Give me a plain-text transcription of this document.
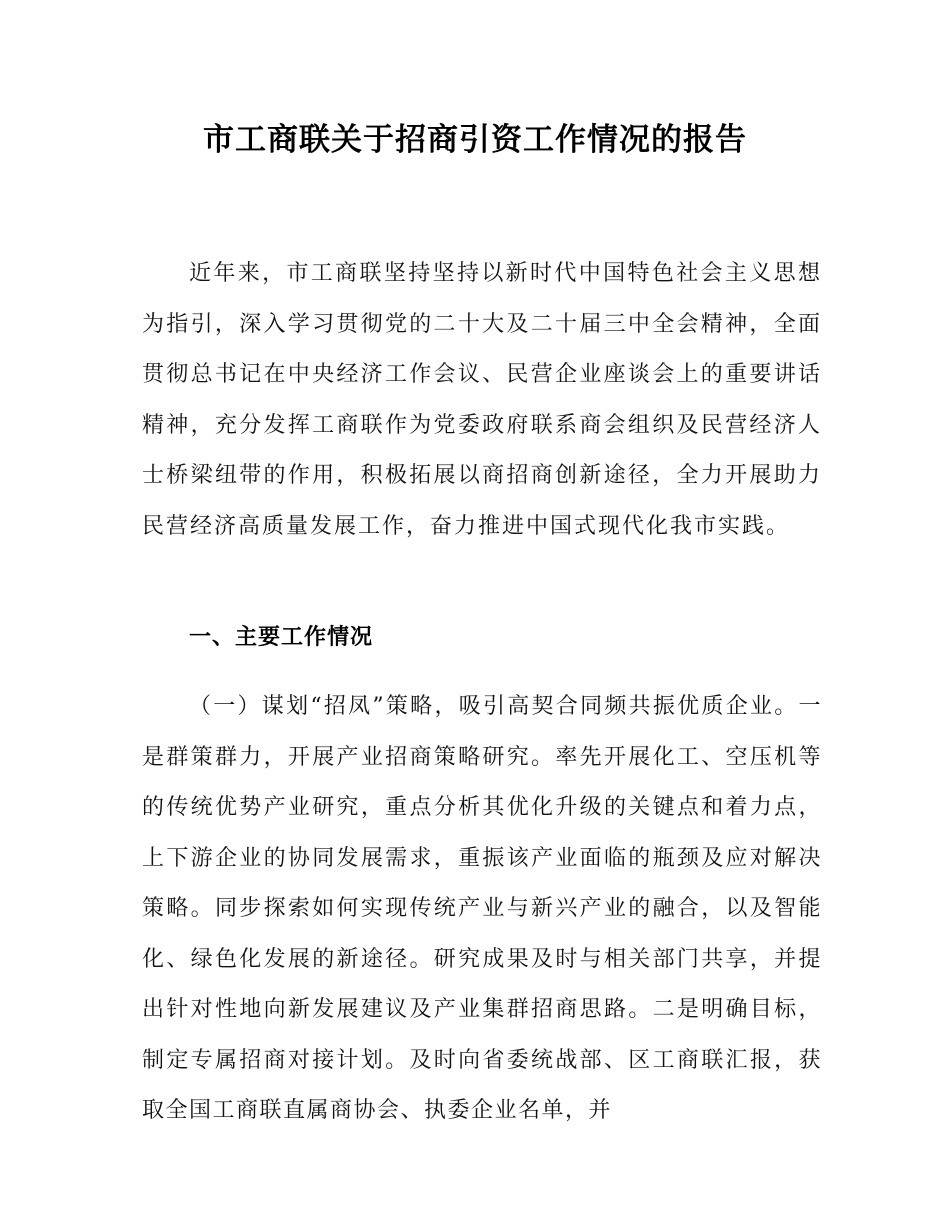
市工商联关于招商引资工作情况的报告

近年来，市工商联坚持坚持以新时代中国特色社会主义思想为指引，深入学习贯彻党的二十大及二十届三中全会精神，全面贯彻总书记在中央经济工作会议、民营企业座谈会上的重要讲话精神，充分发挥工商联作为党委政府联系商会组织及民营经济人士桥梁纽带的作用，积极拓展以商招商创新途径，全力开展助力民营经济高质量发展工作，奋力推进中国式现代化我市实践。

一、主要工作情况

（一）谋划“招凤”策略，吸引高契合同频共振优质企业。一是群策群力，开展产业招商策略研究。率先开展化工、空压机等的传统优势产业研究，重点分析其优化升级的关键点和着力点，上下游企业的协同发展需求，重振该产业面临的瓶颈及应对解决策略。同步探索如何实现传统产业与新兴产业的融合，以及智能化、绿色化发展的新途径。研究成果及时与相关部门共享，并提出针对性地向新发展建议及产业集群招商思路。二是明确目标，制定专属招商对接计划。及时向省委统战部、区工商联汇报，获取全国工商联直属商协会、执委企业名单，并
